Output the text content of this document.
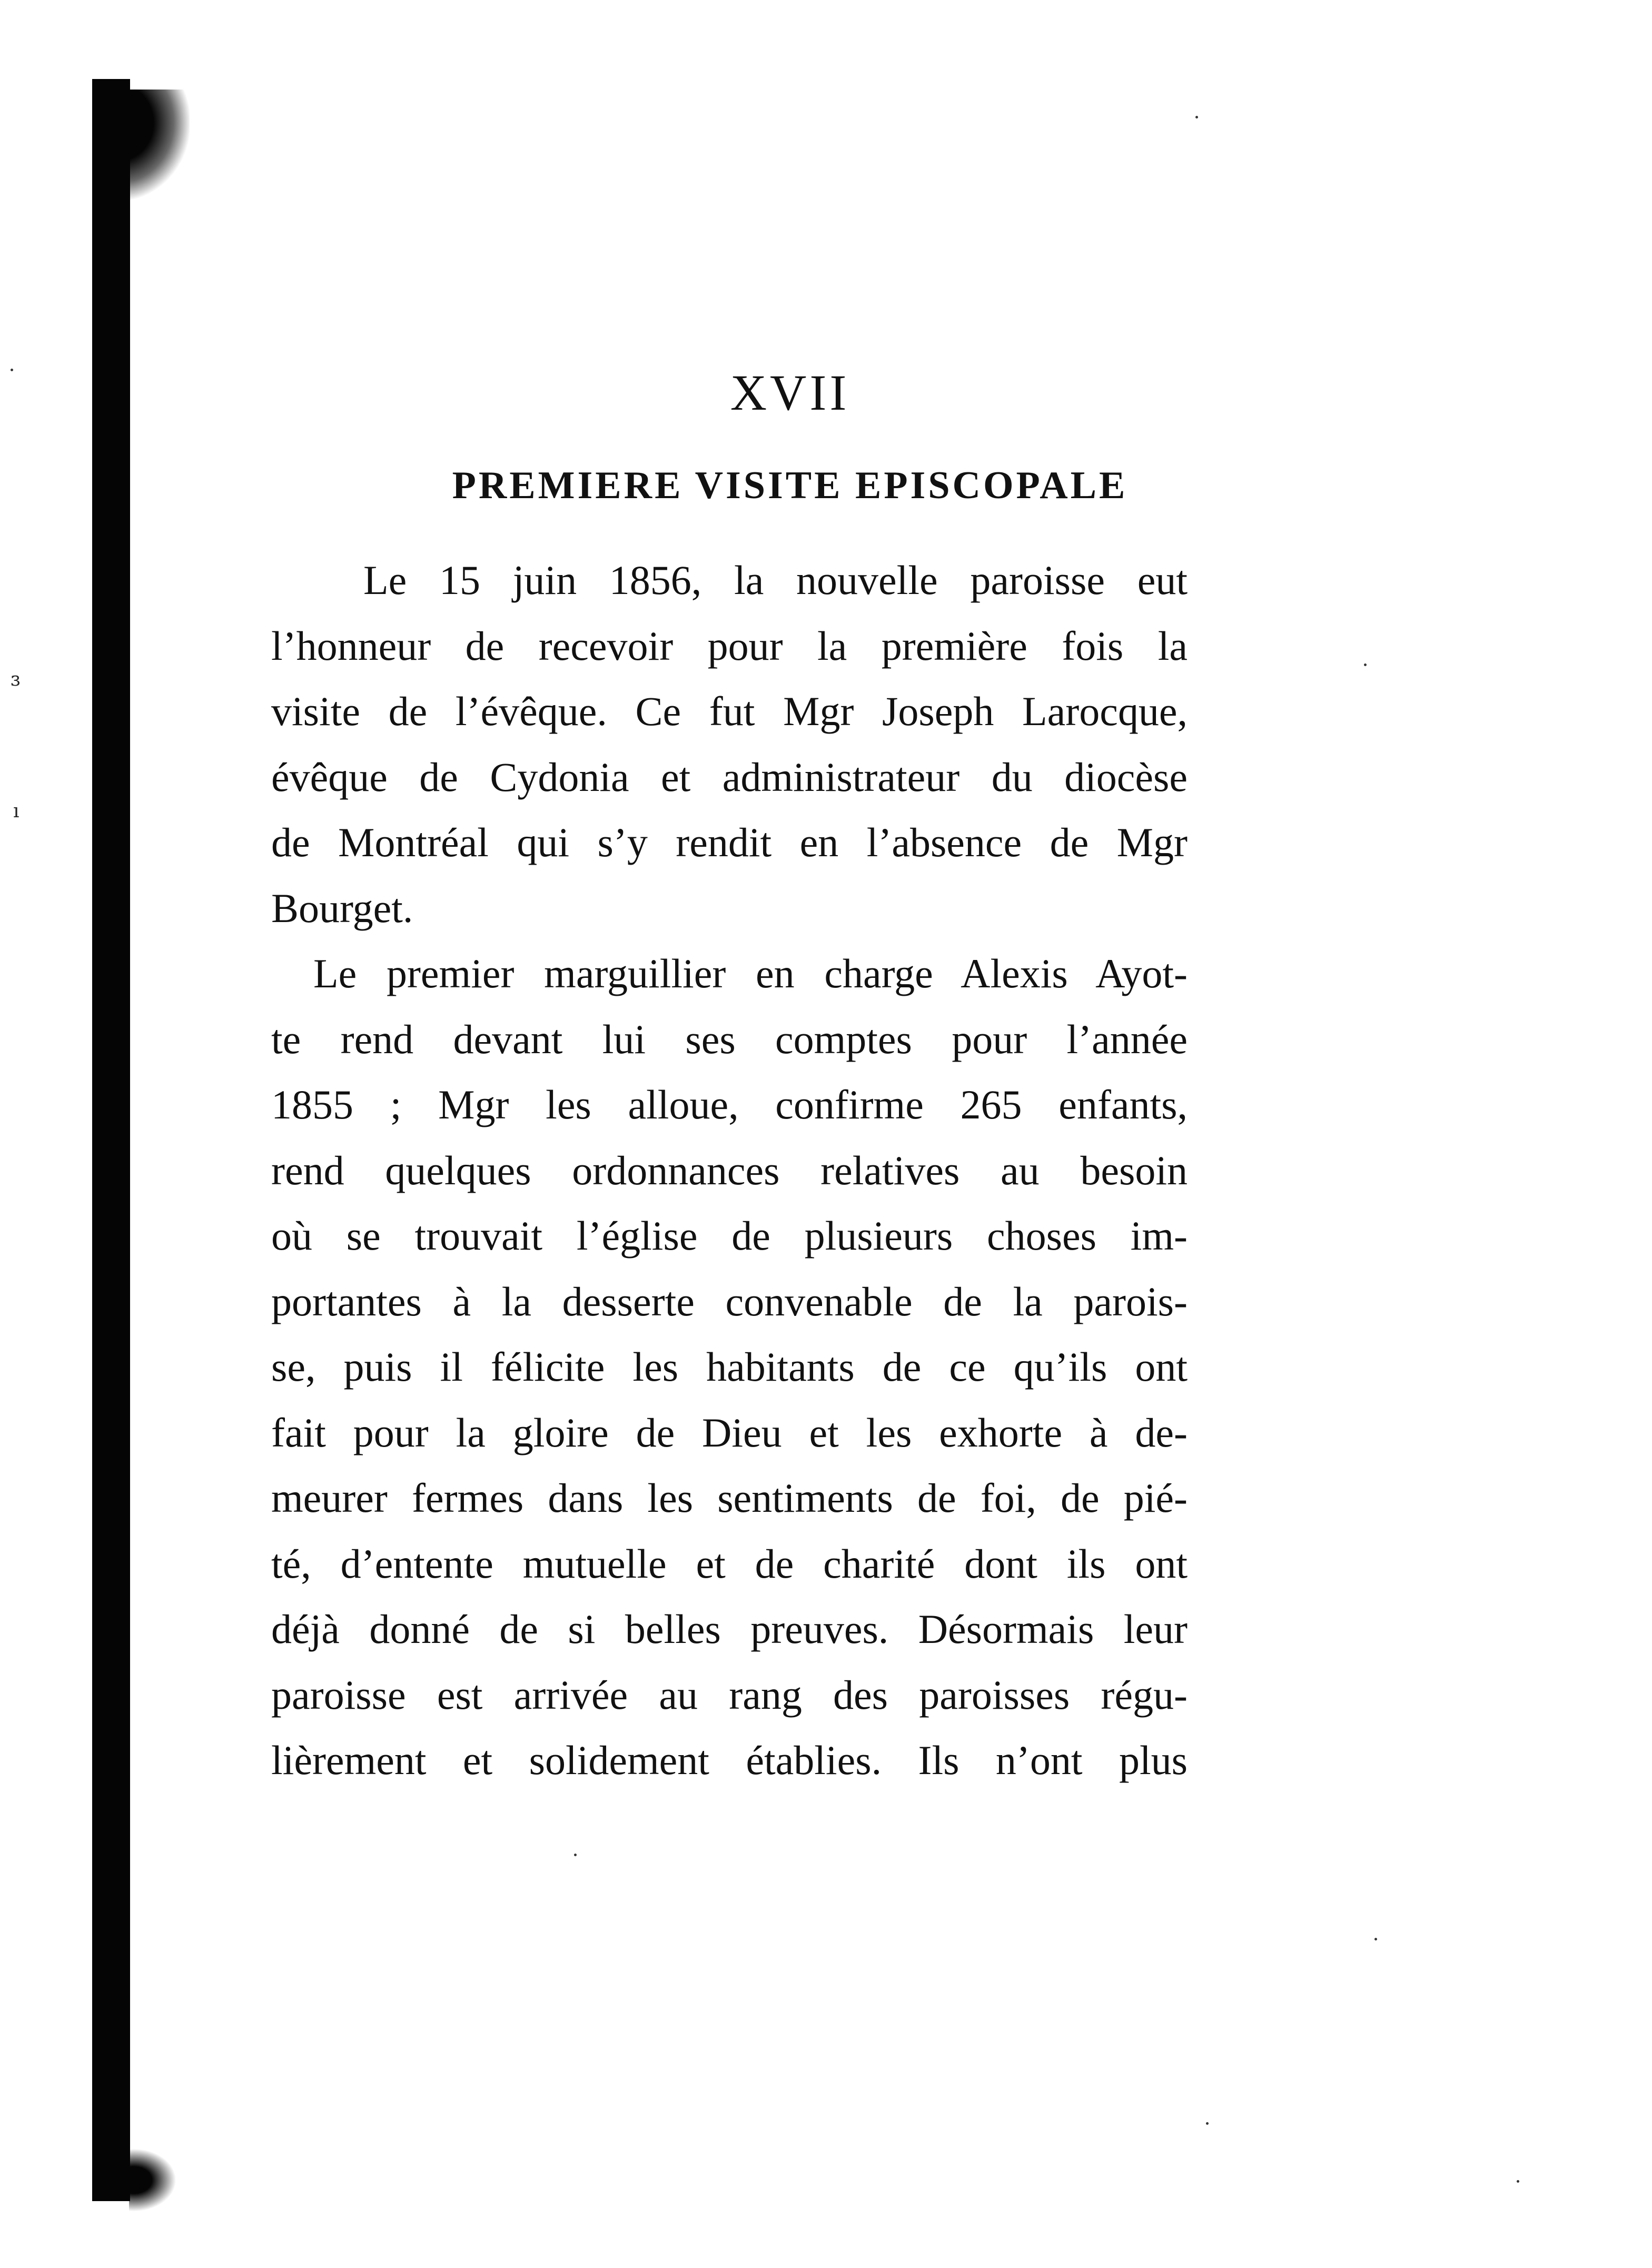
ɜ
ı
XVII
PREMIERE VISITE EPISCOPALE
Le 15 juin 1856, la nouvelle paroisse eut
l’honneur de recevoir pour la première fois la
visite de l’évêque. Ce fut Mgr Joseph Larocque,
évêque de Cydonia et administrateur du diocèse
de Montréal qui s’y rendit en l’absence de Mgr
Bourget.
Le premier marguillier en charge Alexis Ayot-
te rend devant lui ses comptes pour l’année
1855 ; Mgr les alloue, confirme 265 enfants,
rend quelques ordonnances relatives au besoin
où se trouvait l’église de plusieurs choses im-
portantes à la desserte convenable de la parois-
se, puis il félicite les habitants de ce qu’ils ont
fait pour la gloire de Dieu et les exhorte à de-
meurer fermes dans les sentiments de foi, de pié-
té, d’entente mutuelle et de charité dont ils ont
déjà donné de si belles preuves. Désormais leur
paroisse est arrivée au rang des paroisses régu-
lièrement et solidement établies. Ils n’ont plus
